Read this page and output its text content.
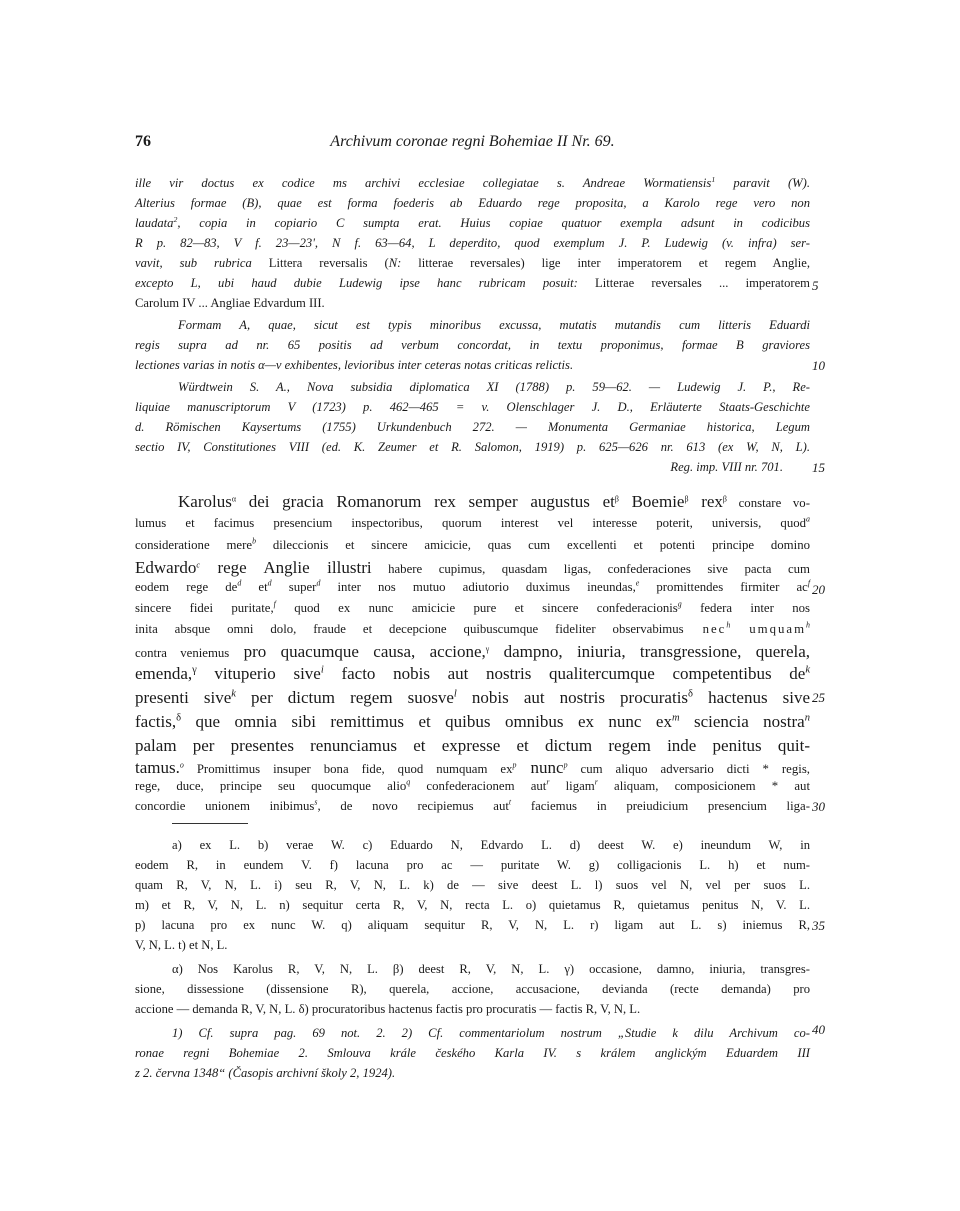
76	Archivum coronae regni Bohemiae II Nr. 69.
ille vir doctus ex codice ms archivi ecclesiae collegiatae s. Andreae Wormatiensis$^1$ paravit (W).
Alterius formae (B), quae est forma foederis ab Eduardo rege proposita, a Karolo rege vero non
laudata$^2$, copia in copiario C sumpta erat. Huius copiae quatuor exempla adsunt in codicibus
R p. 82—83, V f. 23—23', N f. 63—64, L deperdito, quod exemplum J. P. Ludewig (v. infra) ser-
vavit, sub rubrica Littera reversalis (N: litterae reversales) lige inter imperatorem et regem Anglie,
excepto L, ubi haud dubie Ludewig ipse hanc rubricam posuit: Litterae reversales ... imperatorem
Carolum IV ... Angliae Edvardum III.
Formam A, quae, sicut est typis minoribus excussa, mutatis mutandis cum litteris Eduardi
regis supra ad nr. 65 positis ad verbum concordat, in textu proponimus, formae B graviores
lectiones varias in notis α—ν exhibentes, levioribus inter ceteras notas criticas relictis.
Würdtwein S. A., Nova subsidia diplomatica XI (1788) p. 59—62. — Ludewig J. P., Re-
liquiae manuscriptorum V (1723) p. 462—465 = v. Olenschlager J. D., Erläuterte Staats-Geschichte
d. Römischen Kaysertums (1755) Urkundenbuch 272. — Monumenta Germaniae historica, Legum
sectio IV, Constitutiones VIII (ed. K. Zeumer et R. Salomon, 1919) p. 625—626 nr. 613 (ex W, N, L).
Reg. imp. VIII nr. 701.
Karolus$^\alpha$ dei gracia Romanorum rex semper augustus $et^\beta$ Boemie$^\beta$ rex$^\beta$ constare vo-
lumus et facimus presencium inspectoribus, quorum interest vel interesse poterit, universis, quod$^a$
consideratione mere$^b$ dileccionis et sincere amicicie, quas cum excellenti et potenti principe domino
Edwardo$^c$ rege Anglie illustri habere cupimus, quasdam ligas, confederaciones sive pacta cum
eodem rege $de^d$ $et^d$ super$^d$ inter nos mutuo adiutorio duximus ineundas,$^e$ promittendes firmiter $ac^f$
sincere fidei puritate,$^f$ quod ex nunc amicicie pure et sincere confederacionis$^g$ federa inter nos
inita absque omni dolo, fraude et decepcione quibuscumque fideliter observabimus nec$^h$ umquam$^h$
contra veniemus pro quacumque causa, accione,$^\gamma$ dampno, iniuria, transgressione, querela,
emenda,$^\gamma$ vituperio sive$^i$ facto nobis aut nostris qualitercumque competentibus $de^k$
presenti sive$^k$ per dictum regem suosve$^l$ nobis aut nostris procuratis$^\delta$ hactenus sive
factis,$^\delta$ que omnia sibi remittimus et quibus omnibus ex nunc $ex^m$ sciencia nostra$^n$
palam per presentes renunciamus et expresse et dictum regem inde penitus quit-
tamus.$^o$ Promittimus insuper bona fide, quod numquam $ex^p$ nunc$^p$ cum aliquo adversario dicti * regis,
rege, duce, principe seu quocumque alio$^q$ confederacionem aut$^r$ ligam$^r$ aliquam, composicionem * aut
concordie unionem inibimus$^s$, de novo recipiemus aut$^t$ faciemus in preiudicium presencium liga-
5
10
15
20
25
30
35
40
a) ex L. b) verae W. c) Eduardo N, Edvardo L. d) deest W. e) ineundum W, in
eodem R, in eundem V. f) lacuna pro ac — puritate W. g) colligacionis L. h) et num-
quam R, V, N, L. i) seu R, V, N, L. k) de — sive deest L. l) suos vel N, vel per suos L.
m) et R, V, N, L. n) sequitur certa R, V, N, recta L. o) quietamus R, quietamus penitus N, V. L.
p) lacuna pro ex nunc W. q) aliquam sequitur R, V, N, L. r) ligam aut L. s) iniemus R,
V, N, L. t) et N, L.
α) Nos Karolus R, V, N, L. β) deest R, V, N, L. γ) occasione, damno, iniuria, transgres-
sione, dissessione (dissensione R), querela, accione, accusacione, devianda (recte demanda) pro
accione — demanda R, V, N, L. δ) procuratoribus hactenus factis pro procuratis — factis R, V, N, L.
1) Cf. supra pag. 69 not. 2. 2) Cf. commentariolum nostrum „Studie k dilu Archivum co-
ronae regni Bohemiae 2. Smlouva krále českého Karla IV. s králem anglickým Eduardem III
z 2. června 1348“ (Časopis archivní školy 2, 1924).
